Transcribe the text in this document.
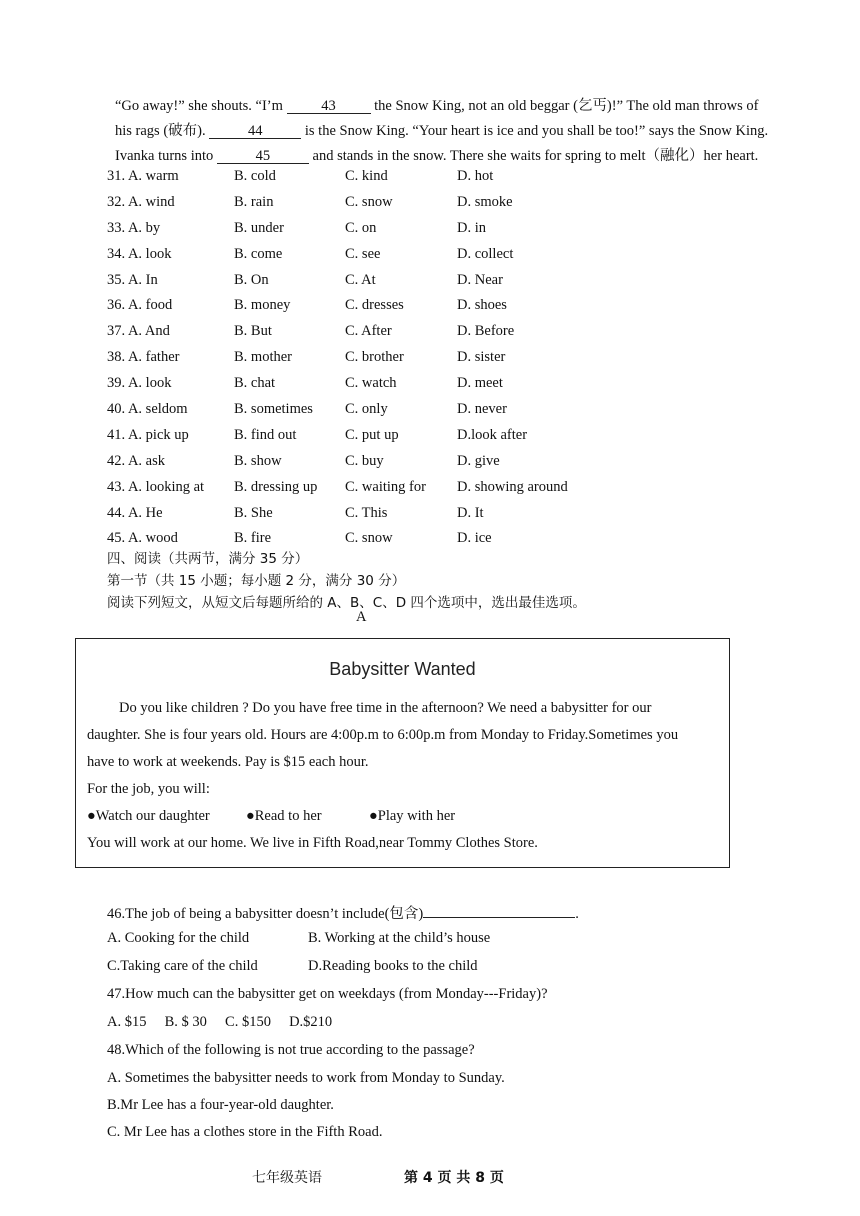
“Go away!” she shouts. “I’m 43 the Snow King, not an old beggar (乞丐)!” The old man throws of
his rags (破布).	44	is the Snow King. “Your heart is ice and you shall be too!” says the Snow King.
Ivanka turns into	45	and stands in the snow. There she waits for spring to melt（融化）her heart.
31. A. warm	B. cold	C. kind	D. hot
32. A. wind	B. rain	C. snow	D. smoke
33. A. by	B. under	C. on	D. in
34. A. look	B. come	C. see	D. collect
35. A. In	B. On	C. At	D. Near
36. A. food	B. money	C. dresses	D. shoes
37. A. And	B. But	C. After	D. Before
38. A. father	B. mother	C. brother	D. sister
39. A. look	B. chat	C. watch	D. meet
40. A. seldom	B. sometimes C. only	D. never
41. A. pick up	B. find out	C. put up	D.look after
42. A. ask	B. show	C. buy	D. give
43. A. looking at B. dressing up C. waiting for D. showing around
44. A. He	B. She	C. This	D. It
45. A. wood	B. fire	C. snow	D. ice
四、阅读（共两节，满分 35 分）
第一节（共 15 小题；每小题 2 分，满分 30 分）
阅读下列短文，从短文后每题所给的 A、B、C、D 四个选项中，选出最佳选项。
A
Babysitter Wanted
Do you like children ? Do you have free time in the afternoon? We need a babysitter for our
daughter. She is four years old. Hours are 4:00p.m to 6:00p.m from Monday to Friday.Sometimes you
have to work at weekends. Pay is $15 each hour.
For the job, you will:
●Watch our daughter	●Read to her	●Play with her
You will work at our home. We live in Fifth Road,near Tommy Clothes Store.
46.The job of being a babysitter doesn’t include(包含)	.
A. Cooking for the child	B. Working at the child’s house
C.Taking care of the child	D.Reading books to the child
47.How much can the babysitter get on weekdays (from Monday---Friday)?
A. $15     B. $ 30     C. $150     D.$210
48.Which of the following is not true according to the passage?
A. Sometimes the babysitter needs to work from Monday to Sunday.
B.Mr Lee has a four-year-old daughter.
C. Mr Lee has a clothes store in the Fifth Road.
七年级英语	第 4 页 共 8 页
